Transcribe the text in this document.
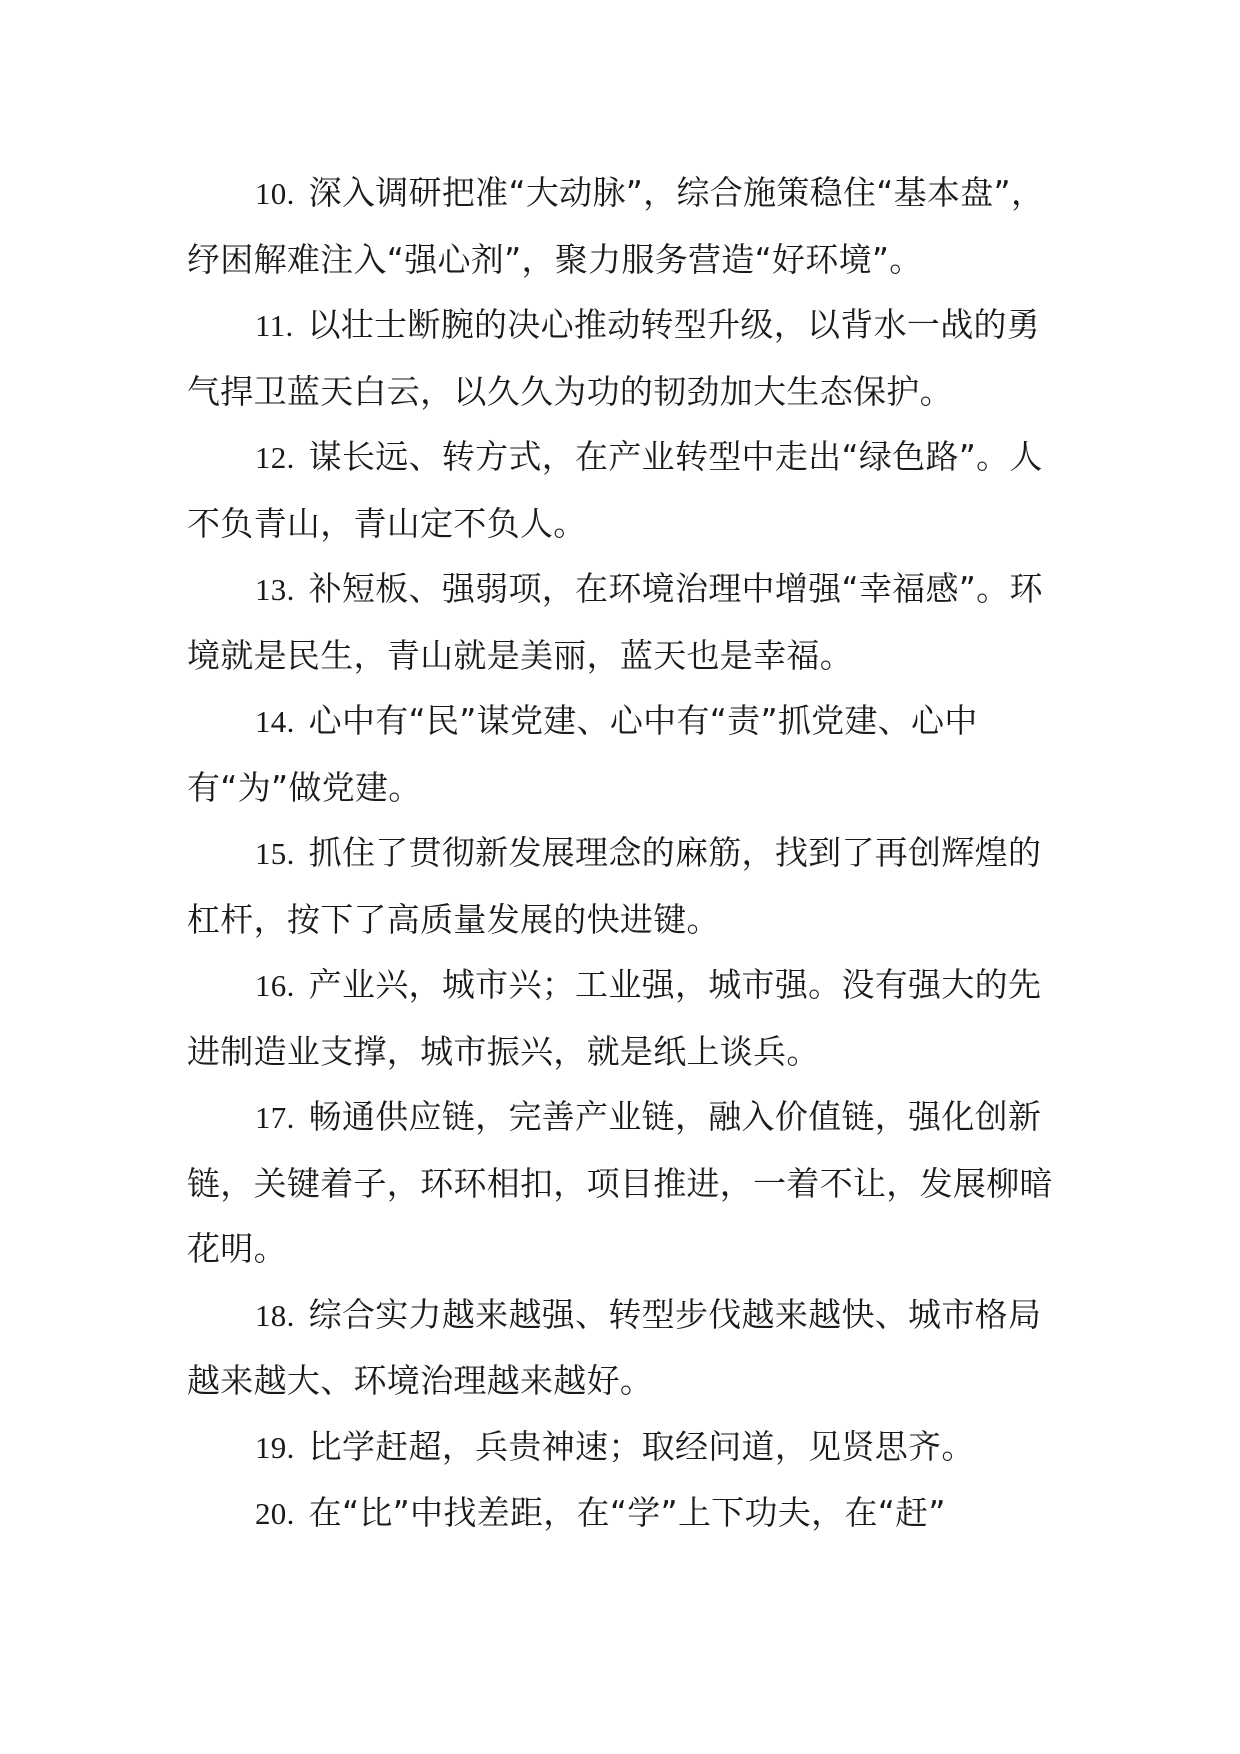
10. 深入调研把准“大动脉”，综合施策稳住“基本盘”，纾困解难注入“强心剂”，聚力服务营造“好环境”。

11. 以壮士断腕的决心推动转型升级，以背水一战的勇气捍卫蓝天白云，以久久为功的韧劲加大生态保护。

12. 谋长远、转方式，在产业转型中走出“绿色路”。人不负青山，青山定不负人。

13. 补短板、强弱项，在环境治理中增强“幸福感”。环境就是民生，青山就是美丽，蓝天也是幸福。

14. 心中有“民”谋党建、心中有“责”抓党建、心中有“为”做党建。

15. 抓住了贯彻新发展理念的麻筋，找到了再创辉煌的杠杆，按下了高质量发展的快进键。

16. 产业兴，城市兴；工业强，城市强。没有强大的先进制造业支撑，城市振兴，就是纸上谈兵。

17. 畅通供应链，完善产业链，融入价值链，强化创新链，关键着子，环环相扣，项目推进，一着不让，发展柳暗花明。

18. 综合实力越来越强、转型步伐越来越快、城市格局越来越大、环境治理越来越好。

19. 比学赶超，兵贵神速；取经问道，见贤思齐。

20. 在“比”中找差距，在“学”上下功夫，在“赶”
